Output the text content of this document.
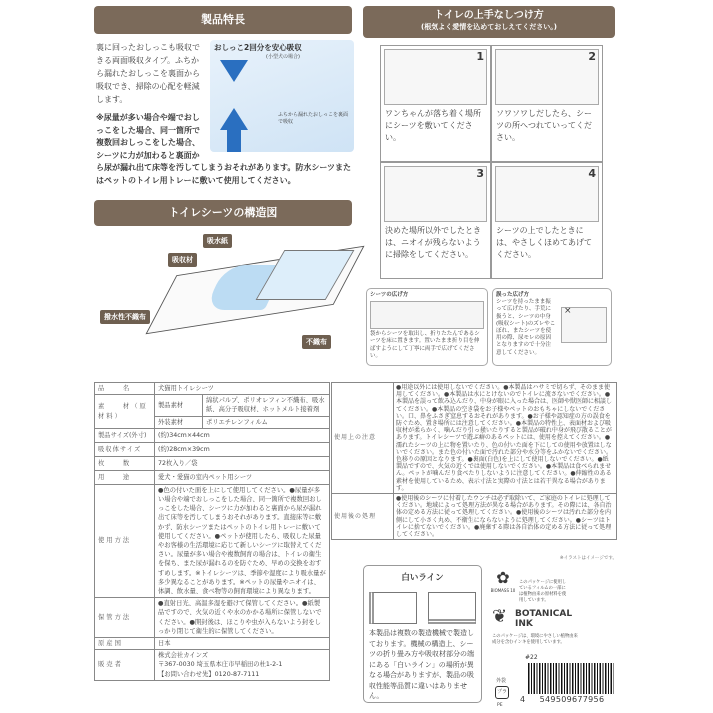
製品特長
おしっこ2回分を安心吸収
(小型犬の場合)
ふちから漏れたおしっこを裏面で吸収
裏に回ったおしっこも吸収できる両面吸収タイプ。ふちから漏れたおしっこを裏面から吸収でき、掃除の心配を軽減します。
※尿量が多い場合や端でおしっこをした場合、同一箇所で複数回おしっこをした場合、シーツに力が加わると裏面から尿が漏れ出て床等を汚してしまうおそれがあります。防水シーツまたはペットのトイレ用トレーに敷いて使用してください。
トイレシーツの構造図
吸水紙
吸収材
撥水性不織布
不織布
トイレの上手なしつけ方
(根気よく愛情を込めておしえてください。)
1
ワンちゃんが落ち着く場所にシーツを敷いてください。
2
ソワソワしだしたら、シーツの所へつれていってください。
3
決めた場所以外でしたときは、ニオイが残らないように掃除をしてください。
4
シーツの上でしたときには、やさしくほめてあげてください。
シーツの広げ方
袋からシーツを取出し、折りたたんであるシーツを床に置きます。置いたまま折り目を伸ばすようにして丁寧に両手で広げてください。
誤った広げ方
シーツを持ったまま振って広げたり、手荒に扱うと、シーツの中身(吸収シート)のズレやこぼれ、またシーツを使用の際、尿モレの原因となりますので十分注意してください。
×
品　　名	犬猫用トイレシーツ	
素　　材（原材料）	製品素材	綿状パルプ、ポリオレフィン不織布、吸水紙、高分子吸収材、ホットメルト接着剤
	外装素材	ポリエチレンフィルム
製品サイズ(外寸)	(約)34cm×44cm	
吸収体サイズ	(約)28cm×39cm	
枚　　数	72枚入り／袋	
用　　途	愛犬・愛猫の室内ペット用シーツ	
使用方法	●色の付いた面を上にして使用してください。●尿量が多い場合や端でおしっこをした場合、同一箇所で複数回おしっこをした場合、シーツに力が加わると裏面から尿が漏れ出て床等を汚してしまうおそれがあります。直接床等に敷かず、防水シーツまたはペットのトイレ用トレーに敷いて使用してください。●ペットが使用したら、吸収した尿量やお客様の生活環境に応じて新しいシーツに取替えてください。尿量が多い場合や複数飼育の場合は、トイレの衛生を保ち、また尿が漏れるのを防ぐため、早めの交換をおすすめします。※トイレシーツは、季節や湿度により吸水量が多少異なることがあります。※ペットの尿量やニオイは、体調、飲水量、食べ物等の飼育環境により異なります。	
保管方法	●直射日光、高温多湿を避けて保管してください。●紙製品ですので、火気の近くや水のかかる場所に保管しないでください。●開封後は、ほこりや虫が入らないよう封をしっかり閉じて衛生的に保管してください。	
原産国	日本	
販売者	株式会社カインズ
〒367-0030 埼玉県本庄市早稲田の杜1-2-1
【お問い合わせ先】0120-87-7111	
使用上の注意	●用途以外には使用しないでください。●本製品はハサミで切らず、そのまま使用してください。●本製品は水にとけないのでトイレに流さないでください。●本製品を誤って飲み込んだり、中身が眼に入った場合は、医師や獣医師に相談してください。●本製品の空き袋をお子様やペットのおもちゃにしないでください。口、鼻をふさぎ窒息するおそれがあります。●お子様や認知症の方の誤食を防ぐため、置き場所には注意してください。●本製品の特性上、表面材および吸収材が柔らかく、噛んだり引っ掻いたりすると製品が破れ中身が飛び散ることがあります。トイレシーツで遊ぶ癖のあるペットには、使用を控えてください。●濡れたシーツの上に物を置いたり、色の付いた面を下にしての使用や放置はしないでください。また色の付いた面で汚れた部分や水分等をふかないでください。色移りの原因となります。●裏面(白色)を上にして使用しないでください。●紙製品ですので、火気の近くでは使用しないでください。●本製品は食べられません。ペットが噛んだり食べたりしないように注意してください。●伸縮性のある素材を使用しているため、表示寸法と実際の寸法とは若干異なる場合があります。
使用後の処理	●使用後のシーツに付着したウンチは必ず取除いて、ご家庭のトイレに処理してください。地域によって処理方法が異なる場合があります。その際には、各自治体の定める方法に従って処理してください。●使用後のシーツは汚れた部分を内側にして小さく丸め、不衛生にならないように処理してください。●シーツはトイレに捨てないでください。●廃棄する際は各自治体の定める方法に従って処理してください。
※イラストはイメージです。
白いライン
本製品は複数の製造機械で製造しております。機械の構造上、シーツの折り畳み方や吸収材部分の端にある「白いライン」の場所が異なる場合がありますが、製品の吸収性能等品質に違いはありません。
✿
BIOMASS 10
このパッケージに使用しているフィルムの一部には植物由来の原材料を使用しています。
❦ BOTANICAL INK
このパッケージは、環境にやさしい植物由来成分を含むインキを使用しています。
外袋
プラ
PE
#22
4	549509677956
